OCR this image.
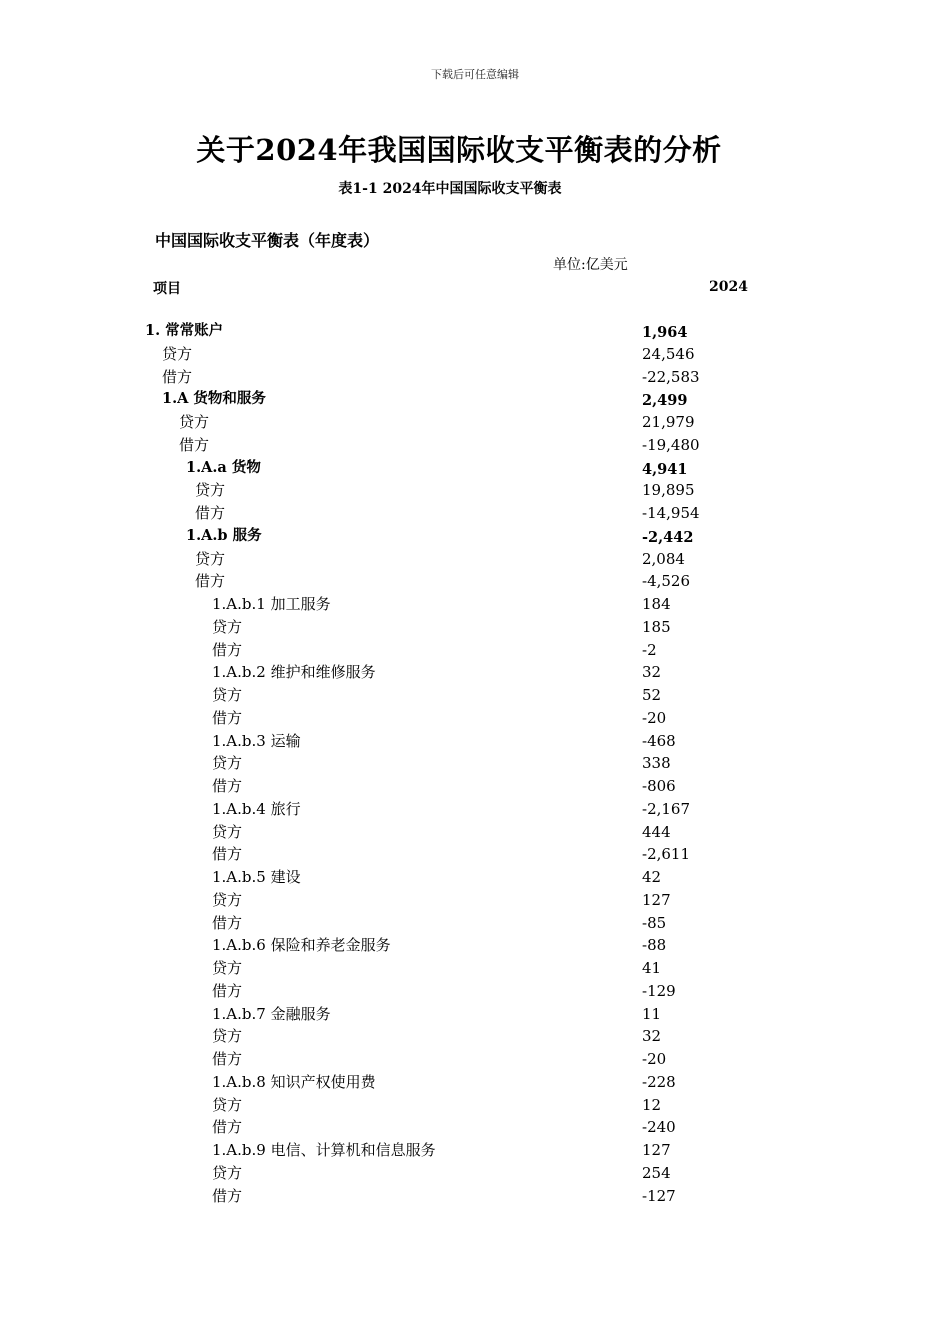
下载后可任意编辑
关于2024年我国国际收支平衡表的分析
表1-1 2024年中国国际收支平衡表
中国国际收支平衡表（年度表）
单位:亿美元
项目	2024
1. 常常账户	1,964
贷方	24,546
借方	-22,583
1.A 货物和服务	2,499
贷方	21,979
借方	-19,480
1.A.a 货物	4,941
贷方	19,895
借方	-14,954
1.A.b 服务	-2,442
贷方	2,084
借方	-4,526
1.A.b.1 加工服务	184
贷方	185
借方	-2
1.A.b.2 维护和维修服务	32
贷方	52
借方	-20
1.A.b.3 运输	-468
贷方	338
借方	-806
1.A.b.4 旅行	-2,167
贷方	444
借方	-2,611
1.A.b.5 建设	42
贷方	127
借方	-85
1.A.b.6 保险和养老金服务	-88
贷方	41
借方	-129
1.A.b.7 金融服务	11
贷方	32
借方	-20
1.A.b.8 知识产权使用费	-228
贷方	12
借方	-240
1.A.b.9 电信、计算机和信息服务	127
贷方	254
借方	-127
